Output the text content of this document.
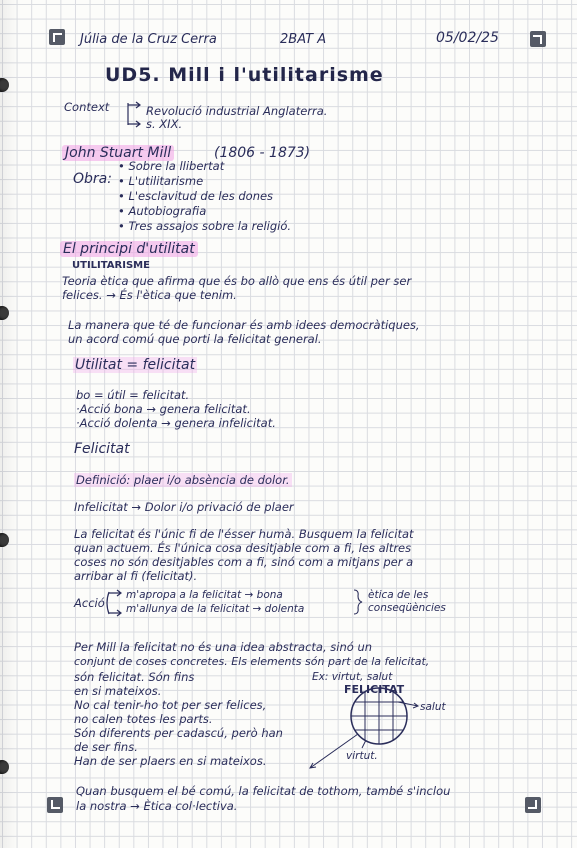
Júlia de la Cruz Cerra	2BAT A	05/02/25
UD5. Mill i l'utilitarisme
Context	Revolució industrial Anglaterra.
s. XIX.
John Stuart Mill	(1806 - 1873)
Obra:
• Sobre la llibertat
• L'utilitarisme
• L'esclavitud de les dones
• Autobiografia
• Tres assajos sobre la religió.
El principi d'utilitat
UTILITARISME
Teoria ètica que afirma que és bo allò que ens és útil per ser
felices. → És l'ètica que tenim.
La manera que té de funcionar és amb idees democràtiques,
un acord comú que porti la felicitat general.
Utilitat = felicitat
bo = útil = felicitat.
·Acció bona → genera felicitat.
·Acció dolenta → genera infelicitat.
Felicitat
Definició: plaer i/o absència de dolor.
Infelicitat → Dolor i/o privació de plaer
La felicitat és l'únic fi de l'ésser humà. Busquem la felicitat
quan actuem. És l'única cosa desitjable com a fi, les altres
coses no són desitjables com a fi, sinó com a mitjans per a
arribar al fi (felicitat).
Acció
m'apropa a la felicitat → bona
m'allunya de la felicitat → dolenta
ètica de les
conseqüències
Per Mill la felicitat no és una idea abstracta, sinó un
conjunt de coses concretes. Els elements són part de la felicitat,
són felicitat. Són fins
en si mateixos.
No cal tenir-ho tot per ser felices,
no calen totes les parts.
Són diferents per cadascú, però han
de ser fins.
Han de ser plaers en si mateixos.
Ex: virtut, salut
FELICITAT
salut
virtut.
Quan busquem el bé comú, la felicitat de tothom, també s'inclou
la nostra → Ètica col·lectiva.
